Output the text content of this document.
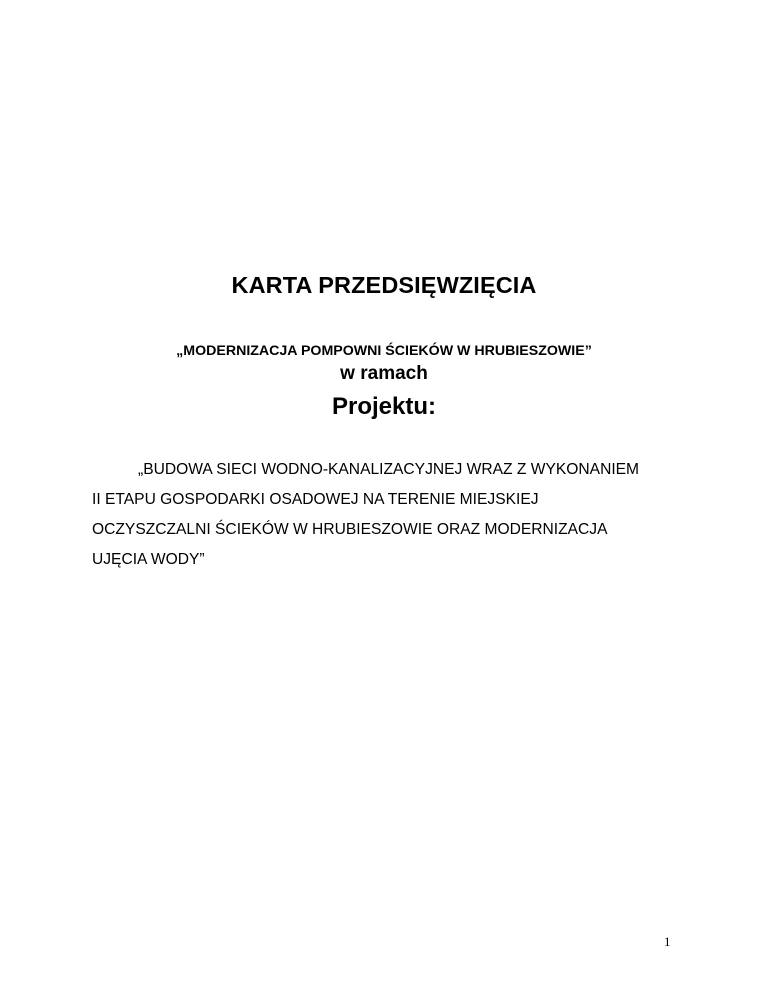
KARTA PRZEDSIĘWZIĘCIA

„MODERNIZACJA POMPOWNI ŚCIEKÓW W HRUBIESZOWIE”

w ramach

Projektu:

„BUDOWA SIECI WODNO-KANALIZACYJNEJ WRAZ Z WYKONANIEM II ETAPU GOSPODARKI OSADOWEJ NA TERENIE MIEJSKIEJ OCZYSZCZALNI ŚCIEKÓW W HRUBIESZOWIE ORAZ MODERNIZACJA UJĘCIA WODY”

1
